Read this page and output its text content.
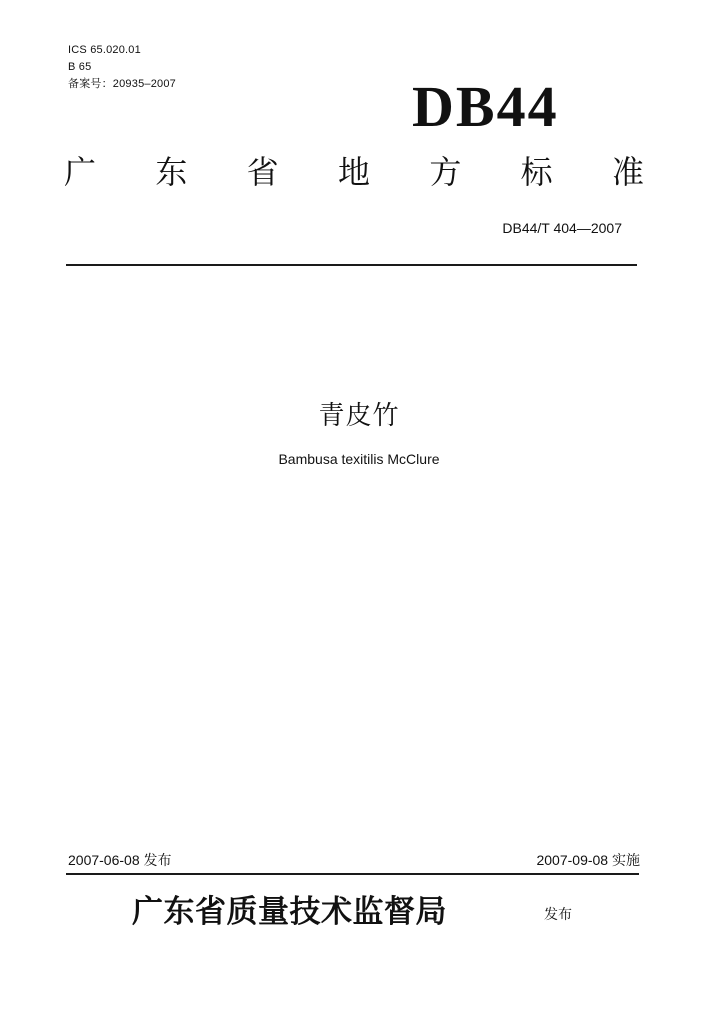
ICS 65.020.01
B 65
备案号：20935–2007	DB44
广 东 省 地 方 标 准
DB44/T 404—2007
青皮竹
Bambusa texitilis McClure
2007-06-08 发布	2007-09-08 实施
广东省质量技术监督局	发布
